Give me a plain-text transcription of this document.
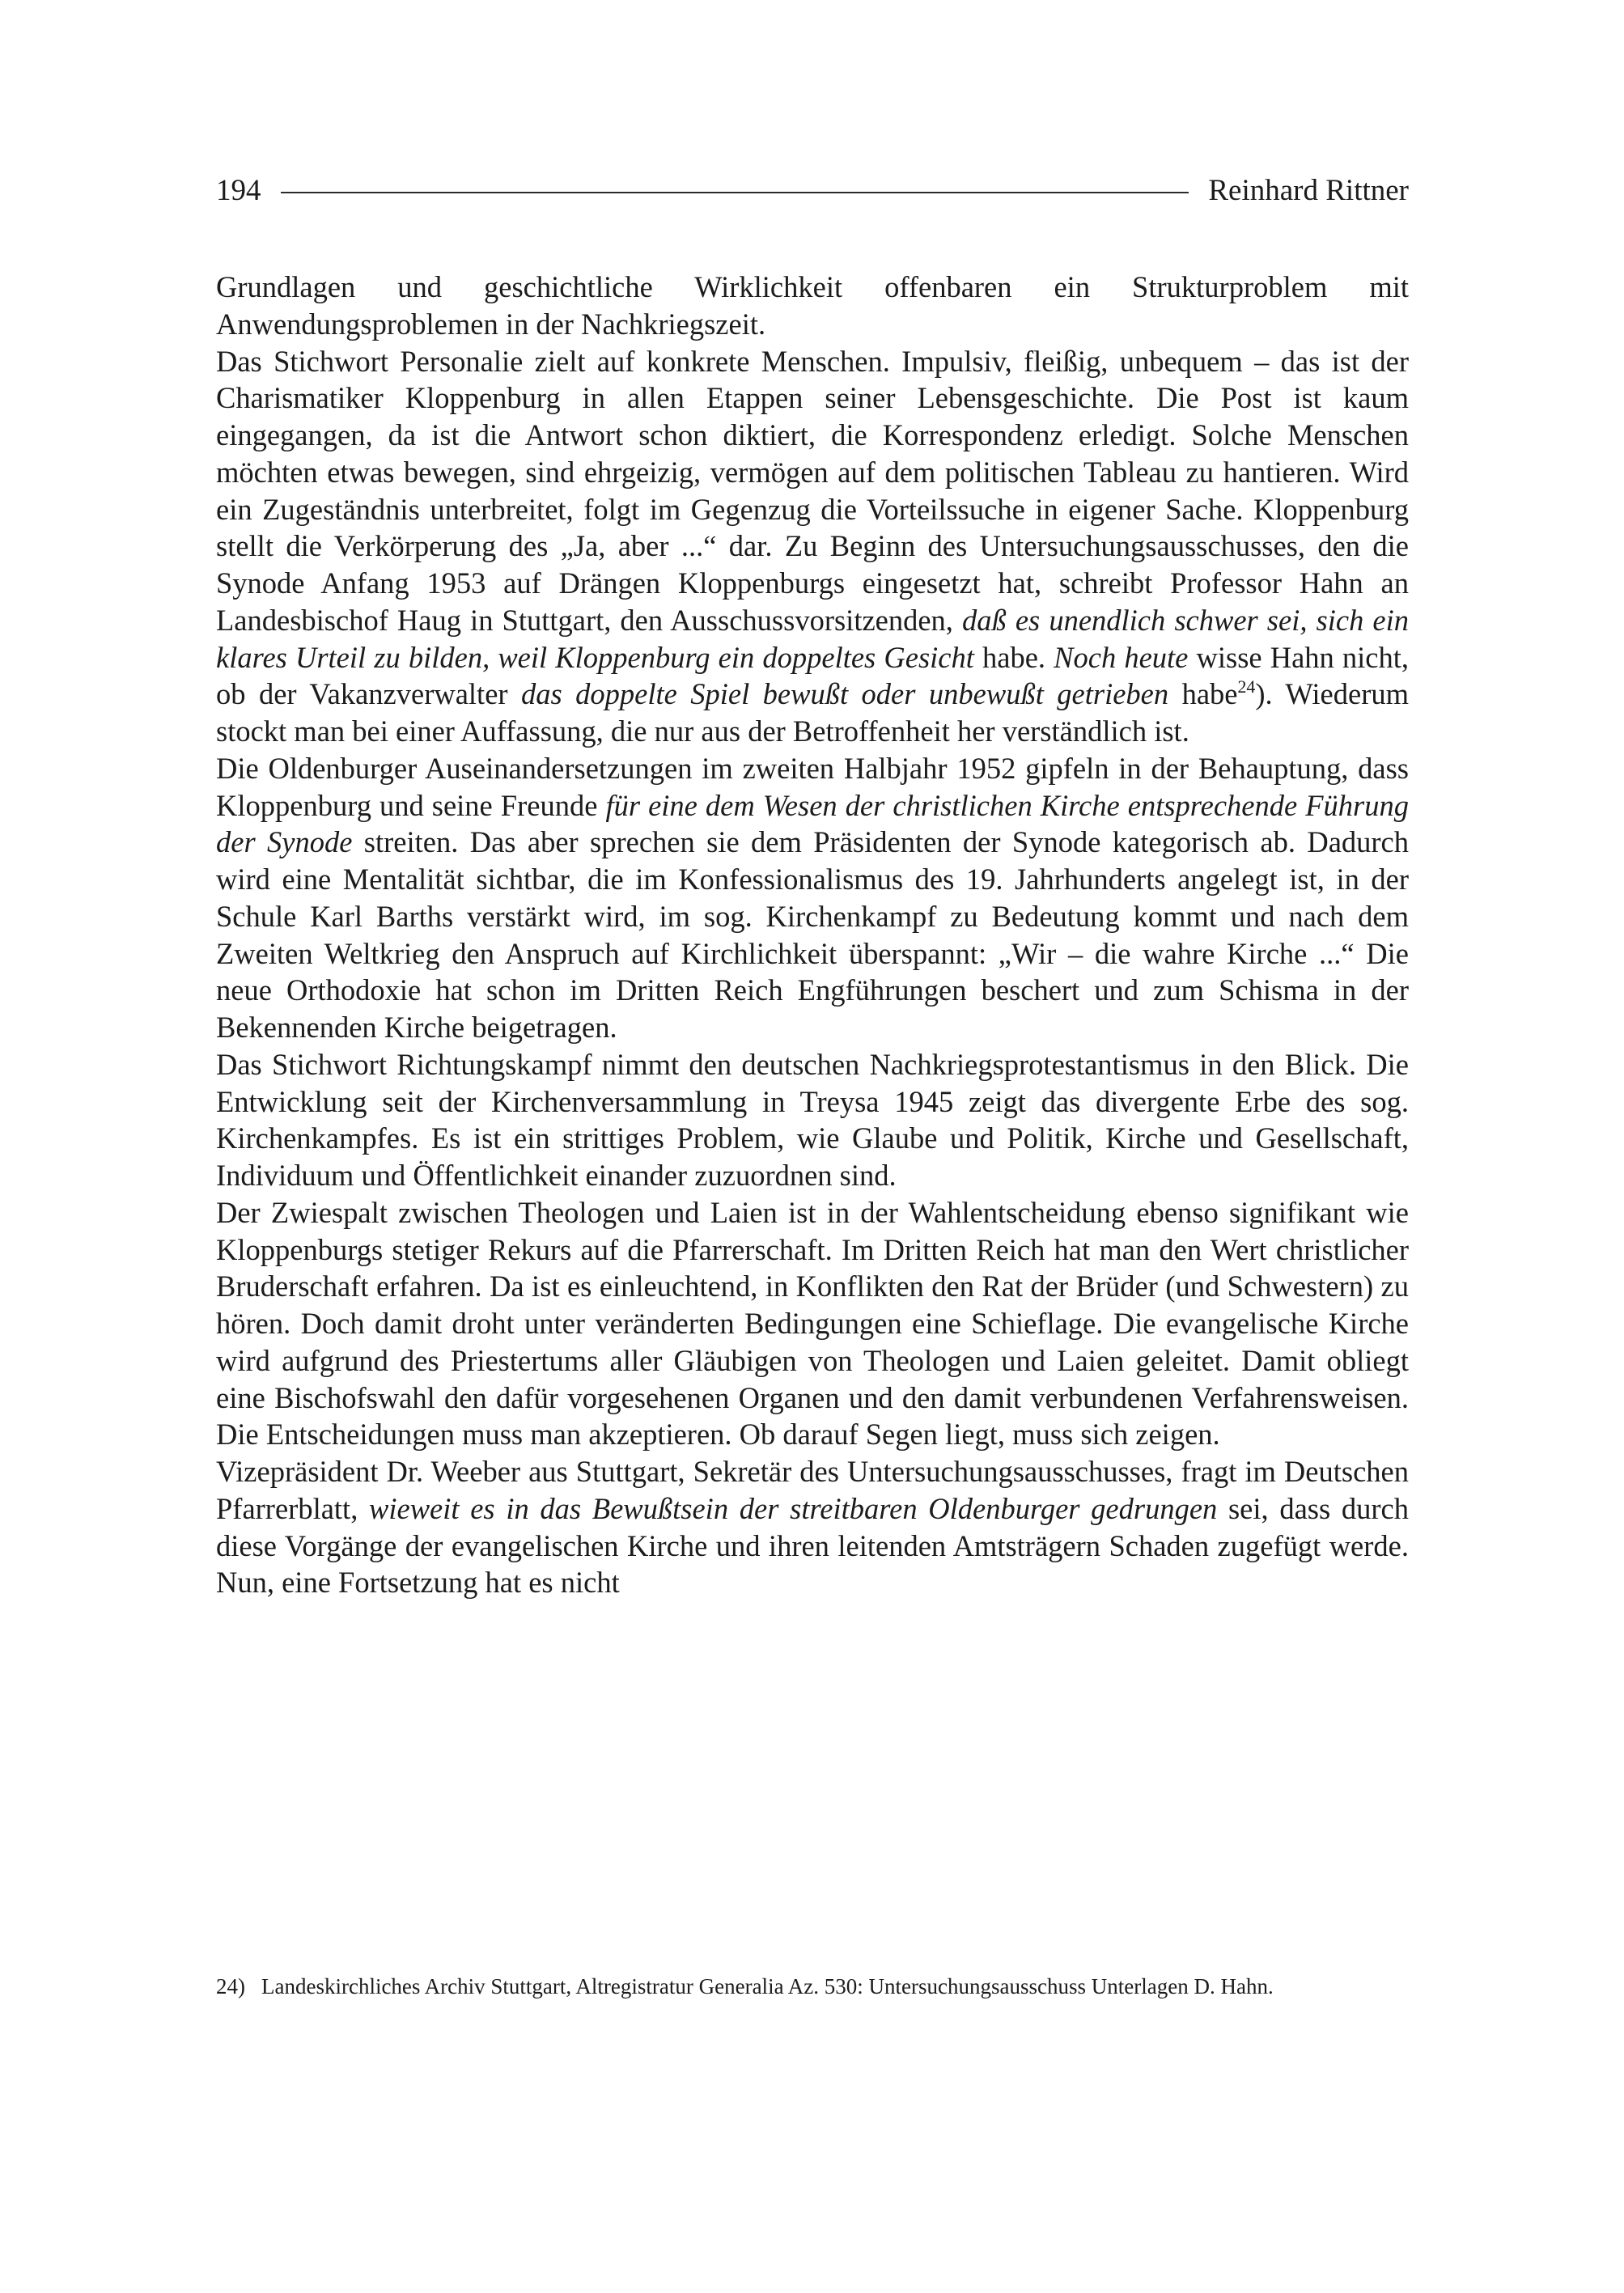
194	Reinhard Rittner

Grundlagen und geschichtliche Wirklichkeit offenbaren ein Strukturproblem mit Anwendungsproblemen in der Nachkriegszeit.

Das Stichwort Personalie zielt auf konkrete Menschen. Impulsiv, fleißig, unbequem – das ist der Charismatiker Kloppenburg in allen Etappen seiner Lebensgeschichte. Die Post ist kaum eingegangen, da ist die Antwort schon diktiert, die Korrespondenz erledigt. Solche Menschen möchten etwas bewegen, sind ehrgeizig, vermögen auf dem politischen Tableau zu hantieren. Wird ein Zugeständnis unterbreitet, folgt im Gegenzug die Vorteilssuche in eigener Sache. Kloppenburg stellt die Verkörperung des „Ja, aber ...“ dar. Zu Beginn des Untersuchungsausschusses, den die Synode Anfang 1953 auf Drängen Kloppenburgs eingesetzt hat, schreibt Professor Hahn an Landesbischof Haug in Stuttgart, den Ausschussvorsitzenden, daß es unendlich schwer sei, sich ein klares Urteil zu bilden, weil Kloppenburg ein doppeltes Gesicht habe. Noch heute wisse Hahn nicht, ob der Vakanzverwalter das doppelte Spiel bewußt oder unbewußt getrieben habe$^{24}$). Wiederum stockt man bei einer Auffassung, die nur aus der Betroffenheit her verständlich ist.

Die Oldenburger Auseinandersetzungen im zweiten Halbjahr 1952 gipfeln in der Behauptung, dass Kloppenburg und seine Freunde für eine dem Wesen der christlichen Kirche entsprechende Führung der Synode streiten. Das aber sprechen sie dem Präsidenten der Synode kategorisch ab. Dadurch wird eine Mentalität sichtbar, die im Konfessionalismus des 19. Jahrhunderts angelegt ist, in der Schule Karl Barths verstärkt wird, im sog. Kirchenkampf zu Bedeutung kommt und nach dem Zweiten Weltkrieg den Anspruch auf Kirchlichkeit überspannt: „Wir – die wahre Kirche ...“ Die neue Orthodoxie hat schon im Dritten Reich Engführungen beschert und zum Schisma in der Bekennenden Kirche beigetragen.

Das Stichwort Richtungskampf nimmt den deutschen Nachkriegsprotestantismus in den Blick. Die Entwicklung seit der Kirchenversammlung in Treysa 1945 zeigt das divergente Erbe des sog. Kirchenkampfes. Es ist ein strittiges Problem, wie Glaube und Politik, Kirche und Gesellschaft, Individuum und Öffentlichkeit einander zuzuordnen sind.

Der Zwiespalt zwischen Theologen und Laien ist in der Wahlentscheidung ebenso signifikant wie Kloppenburgs stetiger Rekurs auf die Pfarrerschaft. Im Dritten Reich hat man den Wert christlicher Bruderschaft erfahren. Da ist es einleuchtend, in Konflikten den Rat der Brüder (und Schwestern) zu hören. Doch damit droht unter veränderten Bedingungen eine Schieflage. Die evangelische Kirche wird aufgrund des Priestertums aller Gläubigen von Theologen und Laien geleitet. Damit obliegt eine Bischofswahl den dafür vorgesehenen Organen und den damit verbundenen Verfahrensweisen. Die Entscheidungen muss man akzeptieren. Ob darauf Segen liegt, muss sich zeigen.

Vizepräsident Dr. Weeber aus Stuttgart, Sekretär des Untersuchungsausschusses, fragt im Deutschen Pfarrerblatt, wieweit es in das Bewußtsein der streitbaren Oldenburger gedrungen sei, dass durch diese Vorgänge der evangelischen Kirche und ihren leitenden Amtsträgern Schaden zugefügt werde. Nun, eine Fortsetzung hat es nicht

24) Landeskirchliches Archiv Stuttgart, Altregistratur Generalia Az. 530: Untersuchungsausschuss Unterlagen D. Hahn.
